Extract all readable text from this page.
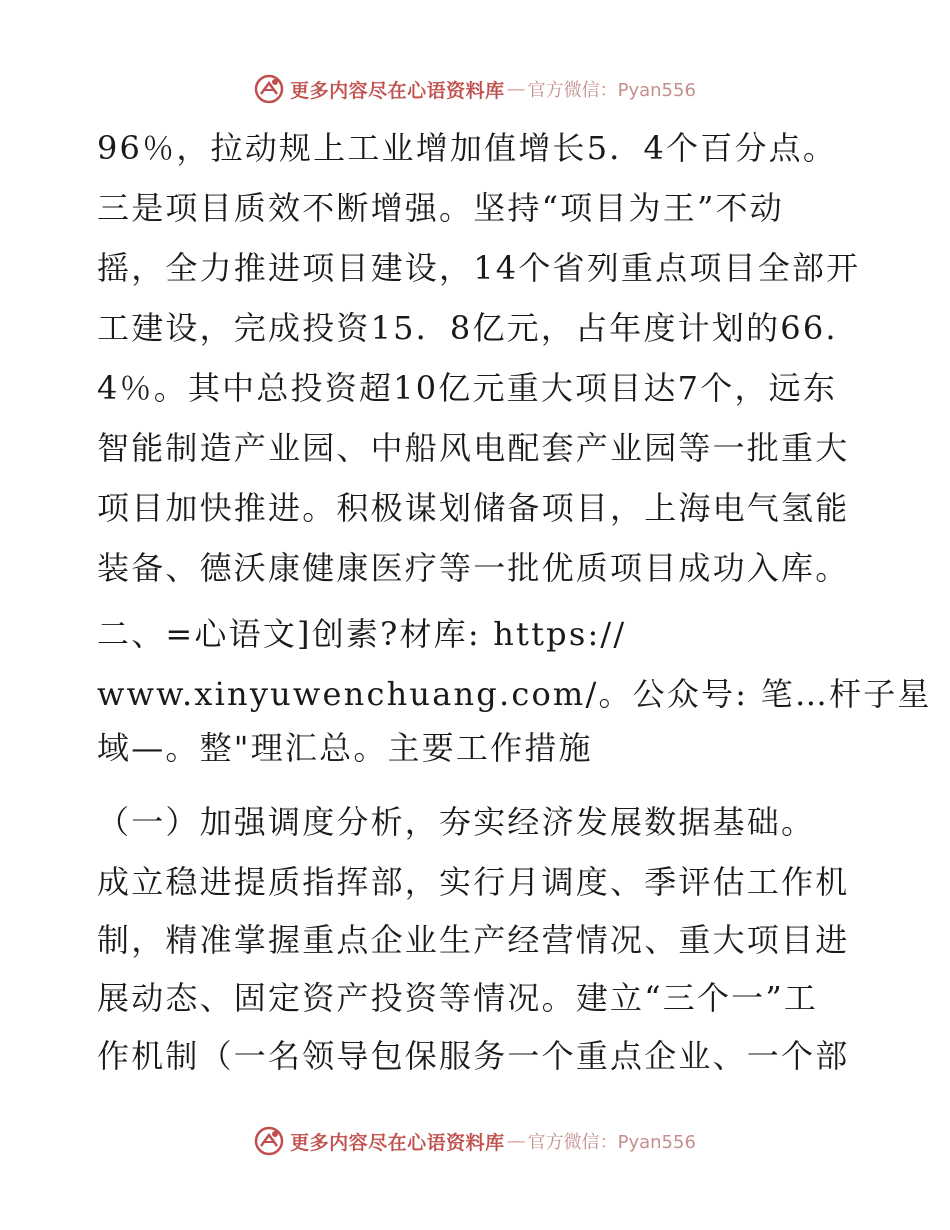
更多内容尽在心语资料库 — 官方微信：Pyan556
96％，拉动规上工业增加值增长5．4个百分点。
三是项目质效不断增强。坚持“项目为王”不动
摇，全力推进项目建设，14个省列重点项目全部开
工建设，完成投资15．8亿元，占年度计划的66.
4％。其中总投资超10亿元重大项目达7个，远东
智能制造产业园、中船风电配套产业园等一批重大
项目加快推进。积极谋划储备项目，上海电气氢能
装备、德沃康健康医疗等一批优质项目成功入库。
二、=心语文]创素?材库: https://
www.xinyuwenchuang.com/。公众号: 笔…杆子星
域—。整"理汇总。主要工作措施
（一）加强调度分析，夯实经济发展数据基础。
成立稳进提质指挥部，实行月调度、季评估工作机
制，精准掌握重点企业生产经营情况、重大项目进
展动态、固定资产投资等情况。建立“三个一”工
作机制（一名领导包保服务一个重点企业、一个部
更多内容尽在心语资料库 — 官方微信：Pyan556
